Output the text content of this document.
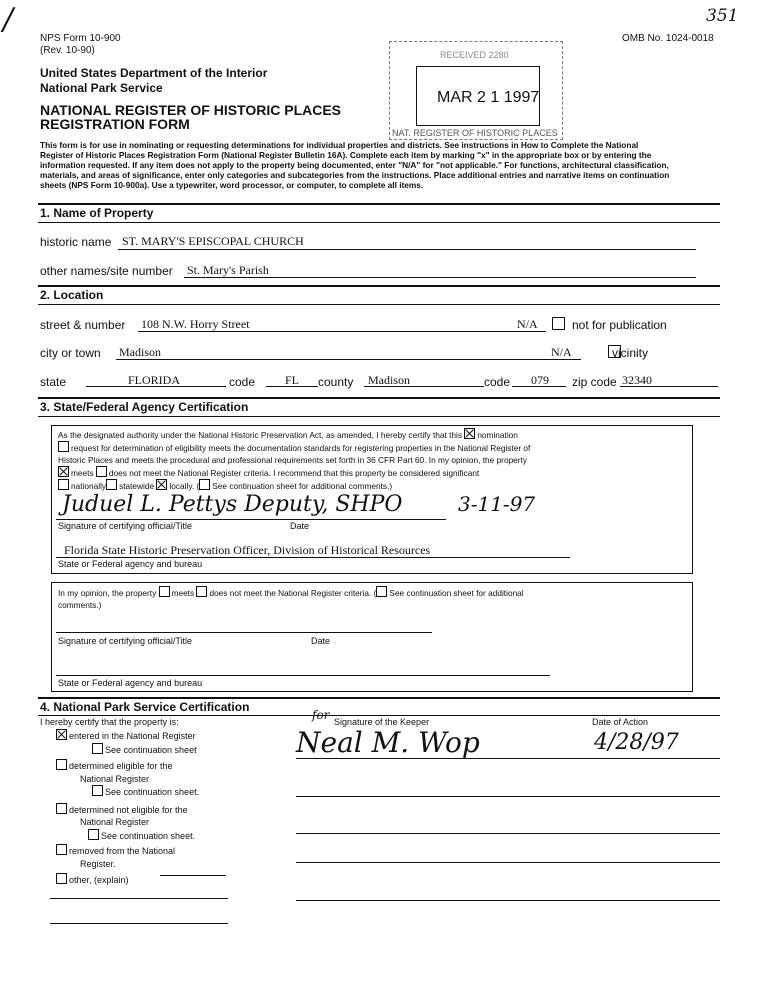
/
NPS Form 10-900
(Rev. 10-90)
OMB No. 1024-0018
351
United States Department of the Interior
National Park Service
NATIONAL REGISTER OF HISTORIC PLACES
REGISTRATION FORM
RECEIVED 2280
MAR 2 1 1997
NAT. REGISTER OF HISTORIC PLACES
This form is for use in nominating or requesting determinations for individual properties and districts. See instructions in How to Complete the National
Register of Historic Places Registration Form (National Register Bulletin 16A). Complete each item by marking "x" in the appropriate box or by entering the
information requested. If any item does not apply to the property being documented, enter "N/A" for "not applicable." For functions, architectural classification,
materials, and areas of significance, enter only categories and subcategories from the instructions. Place additional entries and narrative items on continuation
sheets (NPS Form 10-900a). Use a typewriter, word processor, or computer, to complete all items.
1. Name of Property
historic name ST. MARY'S EPISCOPAL CHURCH
other names/site number St. Mary's Parish
2. Location
street & number 108 N.W. Horry Street	N/A
	not for publication
city or town Madison	N/A	vicinity
state	FLORIDA	code FL county Madison	code 079 zip code 32340
3. State/Federal Agency Certification
As the designated authority under the National Historic Preservation Act, as amended, I hereby certify that this nomination
request for determination of eligibility meets the documentation standards for registering properties in the National Register of
Historic Places and meets the procedural and professional requirements set forth in 36 CFR Part 60. In my opinion, the property
meets does not meet the National Register criteria. I recommend that this property be considered significant
nationally statewide locally. ( See continuation sheet for additional comments.)
Juduel L. Pettys Deputy, SHPO	3-11-97
Signature of certifying official/Title	Date
Florida State Historic Preservation Officer, Division of Historical Resources
State or Federal agency and bureau
In my opinion, the property meets does not meet the National Register criteria. ( See continuation sheet for additional
comments.)
Signature of certifying official/Title	Date
State or Federal agency and bureau
4. National Park Service Certification
I hereby certify that the property is:	for Signature of the Keeper	Date of Action
entered in the National Register
See continuation sheet
determined eligible for the
National Register
See continuation sheet.
determined not eligible for the
National Register
See continuation sheet.
removed from the National
Register.
other, (explain)
Neal M. Wop	4/28/97
